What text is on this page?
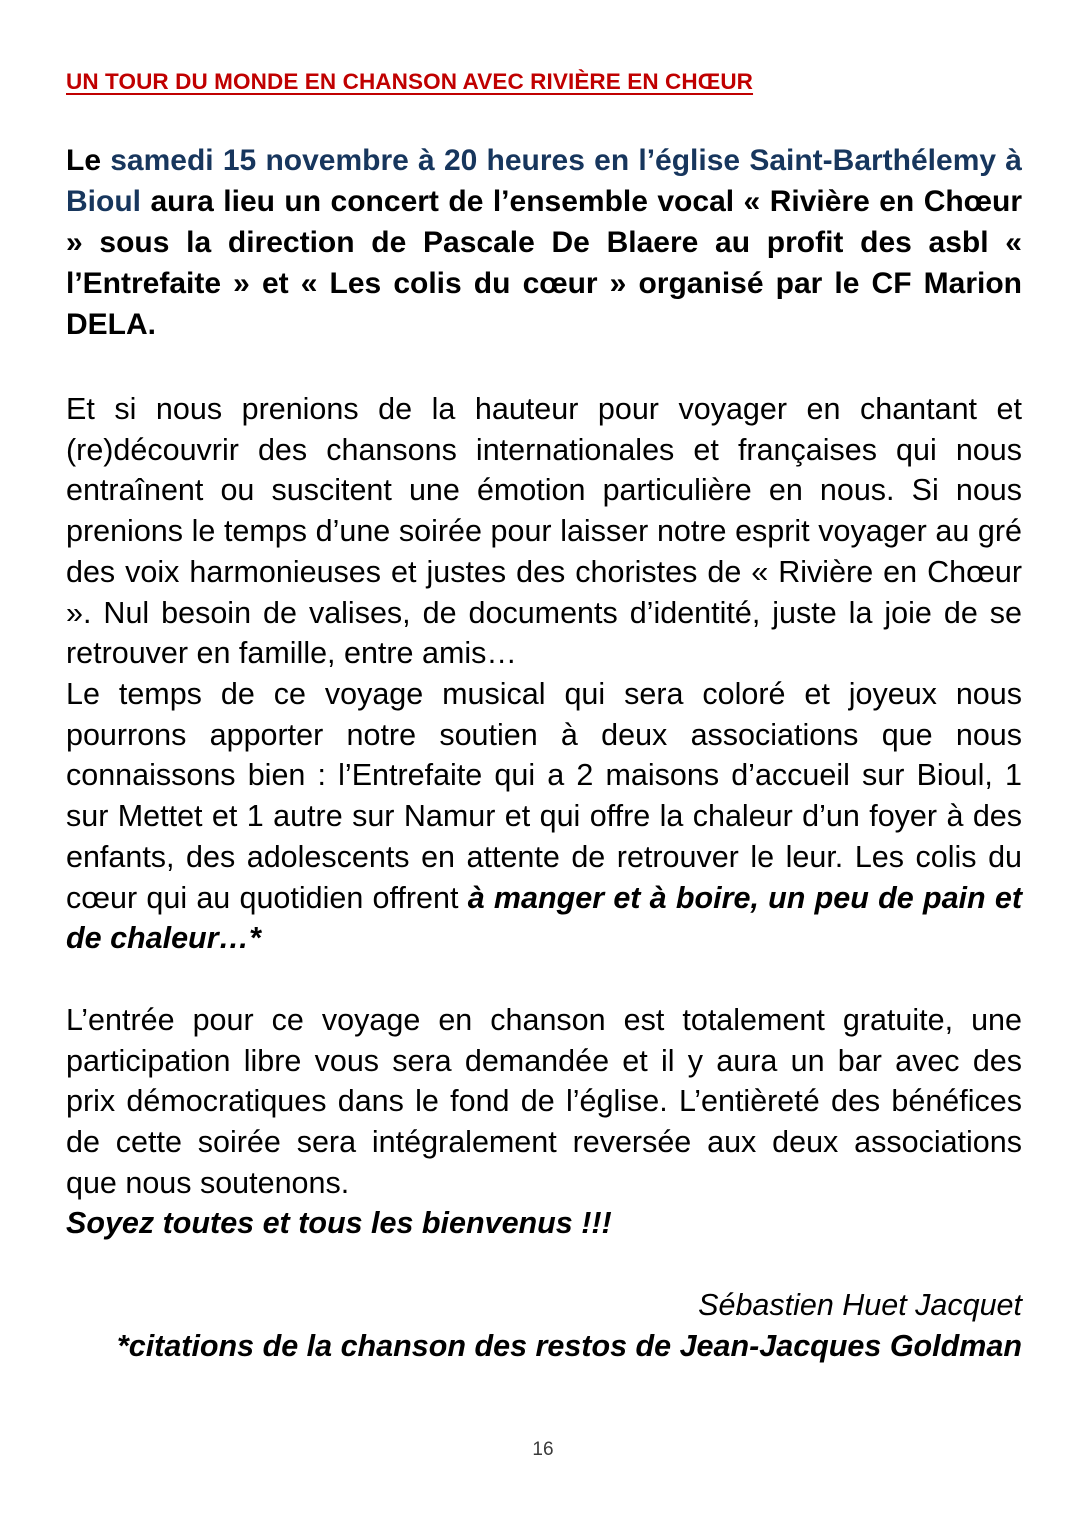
UN TOUR DU MONDE EN CHANSON AVEC RIVIÈRE EN CHŒUR

Le samedi 15 novembre à 20 heures en l’église Saint-Barthélemy à Bioul aura lieu un concert de l’ensemble vocal « Rivière en Chœur » sous la direction de Pascale De Blaere au profit des asbl « l’Entrefaite » et « Les colis du cœur » organisé par le CF Marion DELA.

Et si nous prenions de la hauteur pour voyager en chantant et (re)découvrir des chansons internationales et françaises qui nous entraînent ou suscitent une émotion particulière en nous. Si nous prenions le temps d’une soirée pour laisser notre esprit voyager au gré des voix harmonieuses et justes des choristes de « Rivière en Chœur ». Nul besoin de valises, de documents d’identité, juste la joie de se retrouver en famille, entre amis…

Le temps de ce voyage musical qui sera coloré et joyeux nous pourrons apporter notre soutien à deux associations que nous connaissons bien : l’Entrefaite qui a 2 maisons d’accueil sur Bioul, 1 sur Mettet et 1 autre sur Namur et qui offre la chaleur d’un foyer à des enfants, des adolescents en attente de retrouver le leur. Les colis du cœur qui au quotidien offrent à manger et à boire, un peu de pain et de chaleur…*

L’entrée pour ce voyage en chanson est totalement gratuite, une participation libre vous sera demandée et il y aura un bar avec des prix démocratiques dans le fond de l’église. L’entièreté des bénéfices de cette soirée sera intégralement reversée aux deux associations que nous soutenons.

Soyez toutes et tous les bienvenus !!!

Sébastien Huet Jacquet

*citations de la chanson des restos de Jean-Jacques Goldman

16
